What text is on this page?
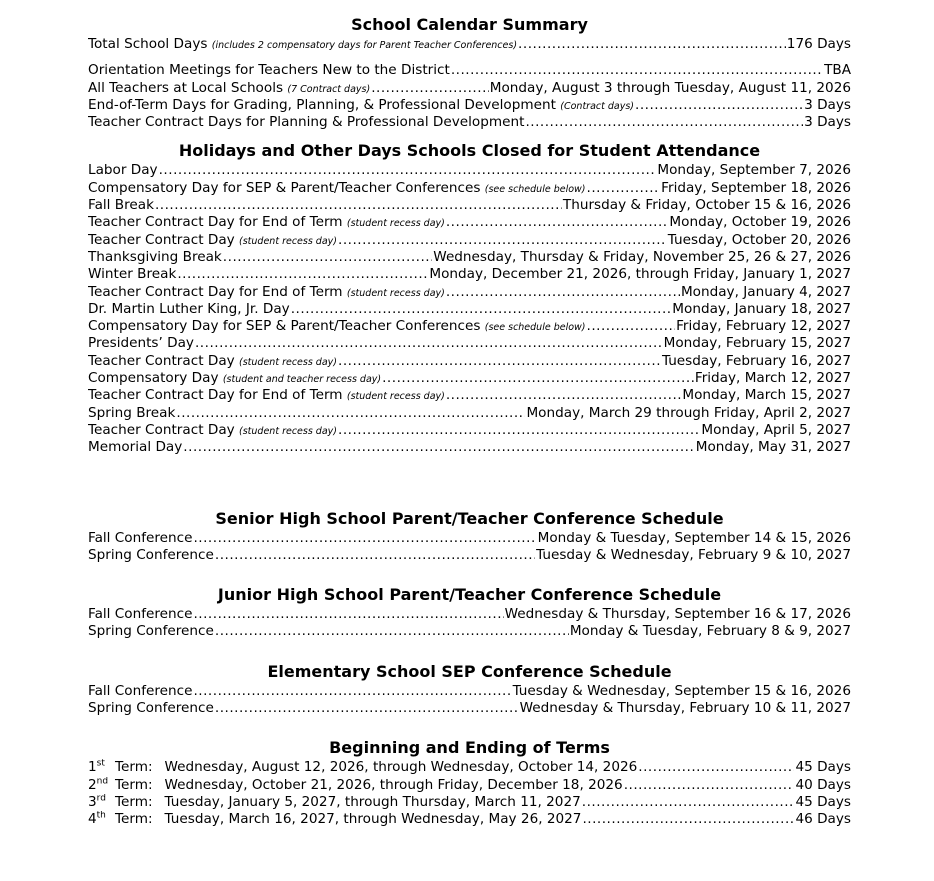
School Calendar Summary
Total School Days (includes 2 compensatory days for Parent Teacher Conferences) .....	176 Days
Orientation Meetings for Teachers New to the District .....	TBA
All Teachers at Local Schools (7 Contract days) .....	Monday, August 3 through Tuesday, August 11, 2026
End-of-Term Days for Grading, Planning, & Professional Development (Contract days) .....	3 Days
Teacher Contract Days for Planning & Professional Development .....	3 Days
Holidays and Other Days Schools Closed for Student Attendance
Labor Day .....	Monday, September 7, 2026
Compensatory Day for SEP & Parent/Teacher Conferences (see schedule below) .....	Friday, September 18, 2026
Fall Break .....	Thursday & Friday, October 15 & 16, 2026
Teacher Contract Day for End of Term (student recess day) .....	Monday, October 19, 2026
Teacher Contract Day (student recess day) .....	Tuesday, October 20, 2026
Thanksgiving Break .....	Wednesday, Thursday & Friday, November 25, 26 & 27, 2026
Winter Break .....	Monday, December 21, 2026, through Friday, January 1, 2027
Teacher Contract Day for End of Term (student recess day) .....	Monday, January 4, 2027
Dr. Martin Luther King, Jr. Day .....	Monday, January 18, 2027
Compensatory Day for SEP & Parent/Teacher Conferences (see schedule below) .....	Friday, February 12, 2027
Presidents’ Day .....	Monday, February 15, 2027
Teacher Contract Day (student recess day) .....	Tuesday, February 16, 2027
Compensatory Day (student and teacher recess day) .....	Friday, March 12, 2027
Teacher Contract Day for End of Term (student recess day) .....	Monday, March 15, 2027
Spring Break .....	Monday, March 29 through Friday, April 2, 2027
Teacher Contract Day (student recess day) .....	Monday, April 5, 2027
Memorial Day .....	Monday, May 31, 2027
Senior High School Parent/Teacher Conference Schedule
Fall Conference .....	Monday & Tuesday, September 14 & 15, 2026
Spring Conference .....	Tuesday & Wednesday, February 9 & 10, 2027
Junior High School Parent/Teacher Conference Schedule
Fall Conference .....	Wednesday & Thursday, September 16 & 17, 2026
Spring Conference .....	Monday & Tuesday, February 8 & 9, 2027
Elementary School SEP Conference Schedule
Fall Conference .....	Tuesday & Wednesday, September 15 & 16, 2026
Spring Conference .....	Wednesday & Thursday, February 10 & 11, 2027
Beginning and Ending of Terms
1st Term: Wednesday, August 12, 2026, through Wednesday, October 14, 2026 .....	45 Days
2nd Term: Wednesday, October 21, 2026, through Friday, December 18, 2026 .....	40 Days
3rd Term: Tuesday, January 5, 2027, through Thursday, March 11, 2027 .....	45 Days
4th Term: Tuesday, March 16, 2027, through Wednesday, May 26, 2027 .....	46 Days
